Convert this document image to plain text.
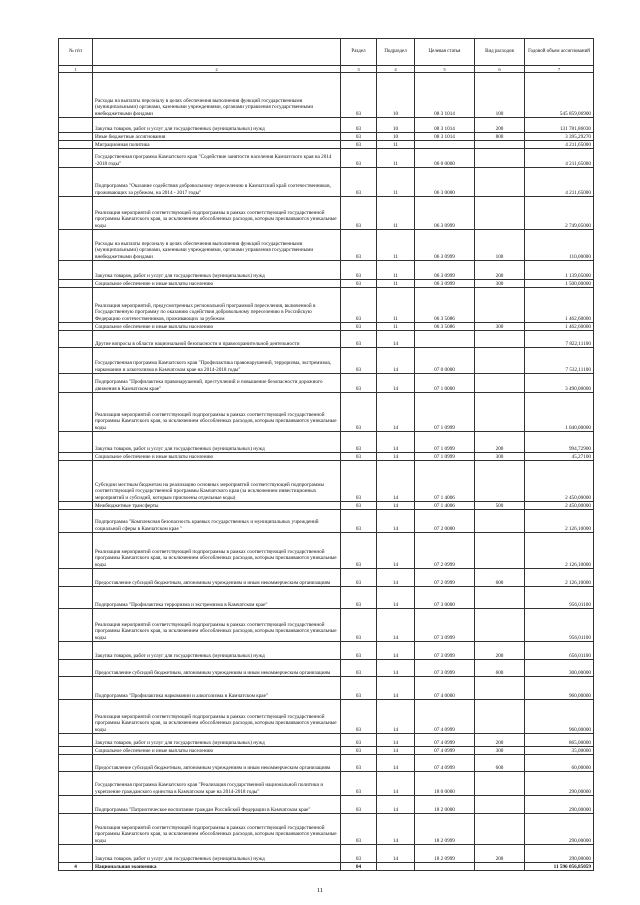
№ п/п		Раздел	Подраздел	Целевая статья	Вид расходов	Годовой объем ассигнований
1	2	3	4	5	6	7
	Расходы на выплаты персоналу в целях обеспечения выполнения функций государственными (муниципальными) органами, казенными учреждениями, органами управления государственными внебюджетными фондами	03	10	08 3 1014	100	545 859,06900
	Закупка товаров, работ и услуг для государственных (муниципальных) нужд	03	10	08 3 1014	200	131 781,86030
	Иные бюджетные ассигнования	03	10	08 3 1014	800	3 395,29270
	Миграционная политика	03	11			4 211,65000
	Государственная программа Камчатского края "Содействие занятости населения Камчатского края на 2014 -2018 годы"	03	11	06 0 0000		4 211,65000
	Подпрограмма "Оказание содействия добровольному переселению в Камчатский край соотечественников, проживающих за рубежом, на 2014 - 2017 годы"	03	11	06 3 0000		4 211,65000
	Реализация мероприятий соответствующей подпрограммы в рамках соответствующей государственной программы Камчатского края, за исключением обособленных расходов, которым присваиваются уникальные коды	03	11	06 3 0999		2 749,05000
	Расходы на выплаты персоналу в целях обеспечения выполнения функций государственными (муниципальными) органами, казенными учреждениями, органами управления государственными внебюджетными фондами	03	11	06 3 0999	100	110,00000
	Закупка товаров, работ и услуг для государственных (муниципальных) нужд	03	11	06 3 0999	200	1 139,05000
	Социальное обеспечение и иные выплаты населению	03	11	06 3 0999	300	1 500,00000
	Реализация мероприятий, предусмотренных региональной программой переселения, включенной в Государственную программу по оказанию содействия добровольному переселению в Российскую Федерацию соотечественников, проживающих за рубежом	03	11	06 3 5086		1 462,60000
	Социальное обеспечение и иные выплаты населению	03	11	06 3 5086	300	1 462,60000
	Другие вопросы в области национальной безопасности и правоохранительной деятельности	03	14			7 822,11100
	Государственная программа Камчатского края "Профилактика правонарушений, терроризма, экстремизма, наркомании и алкоголизма в Камчатском крае на 2014-2018 годы"	03	14	07 0 0000		7 532,11100
	Подпрограмма "Профилактика правонарушений, преступлений и повышение безопасности дорожного движения в Камчатском крае"	03	14	07 1 0000		3 490,00000
	Реализация мероприятий соответствующей подпрограммы в рамках соответствующей государственной программы Камчатского края, за исключением обособленных расходов, которым присваиваются уникальные коды	03	14	07 1 0999		1 040,00000
	Закупка товаров, работ и услуг для государственных (муниципальных) нужд	03	14	07 1 0999	200	994,72900
	Социальное обеспечение и иные выплаты населению	03	14	07 1 0999	300	45,27100
	Субсидии местным бюджетам на реализацию основных мероприятий соответствующей подпрограммы соответствующей государственной программы Камчатского края (за исключением инвестиционных мероприятий и субсидий, которым присвоены отдельные коды)	03	14	07 1 4006		2 450,00000
	Межбюджетные трансферты	03	14	07 1 4006	500	2 450,00000
	Подпрограмма "Комплексная безопасность краевых государственных и муниципальных учреждений социальной сферы в Камчатском крае "	03	14	07 2 0000		2 126,10000
	Реализация мероприятий соответствующей подпрограммы в рамках соответствующей государственной программы Камчатского края, за исключением обособленных расходов, которым присваиваются уникальные коды	03	14	07 2 0999		2 126,10000
	Предоставление субсидий бюджетным, автономным учреждениям и иным некоммерческим организациям	03	14	07 2 0999	600	2 126,10000
	Подпрограмма "Профилактика терроризма и экстремизма в Камчатском крае"	03	14	07 3 0000		956,01100
	Реализация мероприятий соответствующей подпрограммы в рамках соответствующей государственной программы Камчатского края, за исключением обособленных расходов, которым присваиваются уникальные коды	03	14	07 3 0999		956,01100
	Закупка товаров, работ и услуг для государственных (муниципальных) нужд	03	14	07 3 0999	200	656,01100
	Предоставление субсидий бюджетным, автономным учреждениям и иным некоммерческим организациям	03	14	07 3 0999	600	300,00000
	Подпрограмма "Профилактика наркомании и алкоголизма в Камчатском крае"	03	14	07 4 0000		960,00000
	Реализация мероприятий соответствующей подпрограммы в рамках соответствующей государственной программы Камчатского края, за исключением обособленных расходов, которым присваиваются уникальные коды	03	14	07 4 0999		960,00000
	Закупка товаров, работ и услуг для государственных (муниципальных) нужд	03	14	07 4 0999	200	865,00000
	Социальное обеспечение и иные выплаты населению	03	14	07 4 0999	300	35,00000
	Предоставление субсидий бюджетным, автономным учреждениям и иным некоммерческим организациям	03	14	07 4 0999	600	60,00000
	Государственная программа Камчатского края "Реализация государственной национальной политики и укрепление гражданского единства в Камчатском крае на 2014-2018 годы"	03	14	18 0 0000		290,00000
	Подпрограмма "Патриотическое воспитание граждан Российской Федерации в Камчатском крае"	03	14	18 2 0000		290,00000
	Реализация мероприятий соответствующей подпрограммы в рамках соответствующей государственной программы Камчатского края, за исключением обособленных расходов, которым присваиваются уникальные коды	03	14	18 2 0999		290,00000
	Закупка товаров, работ и услуг для государственных (муниципальных) нужд	03	14	18 2 0999	200	290,00000
4	Национальная экономика	04				11 596 056,85059
11
